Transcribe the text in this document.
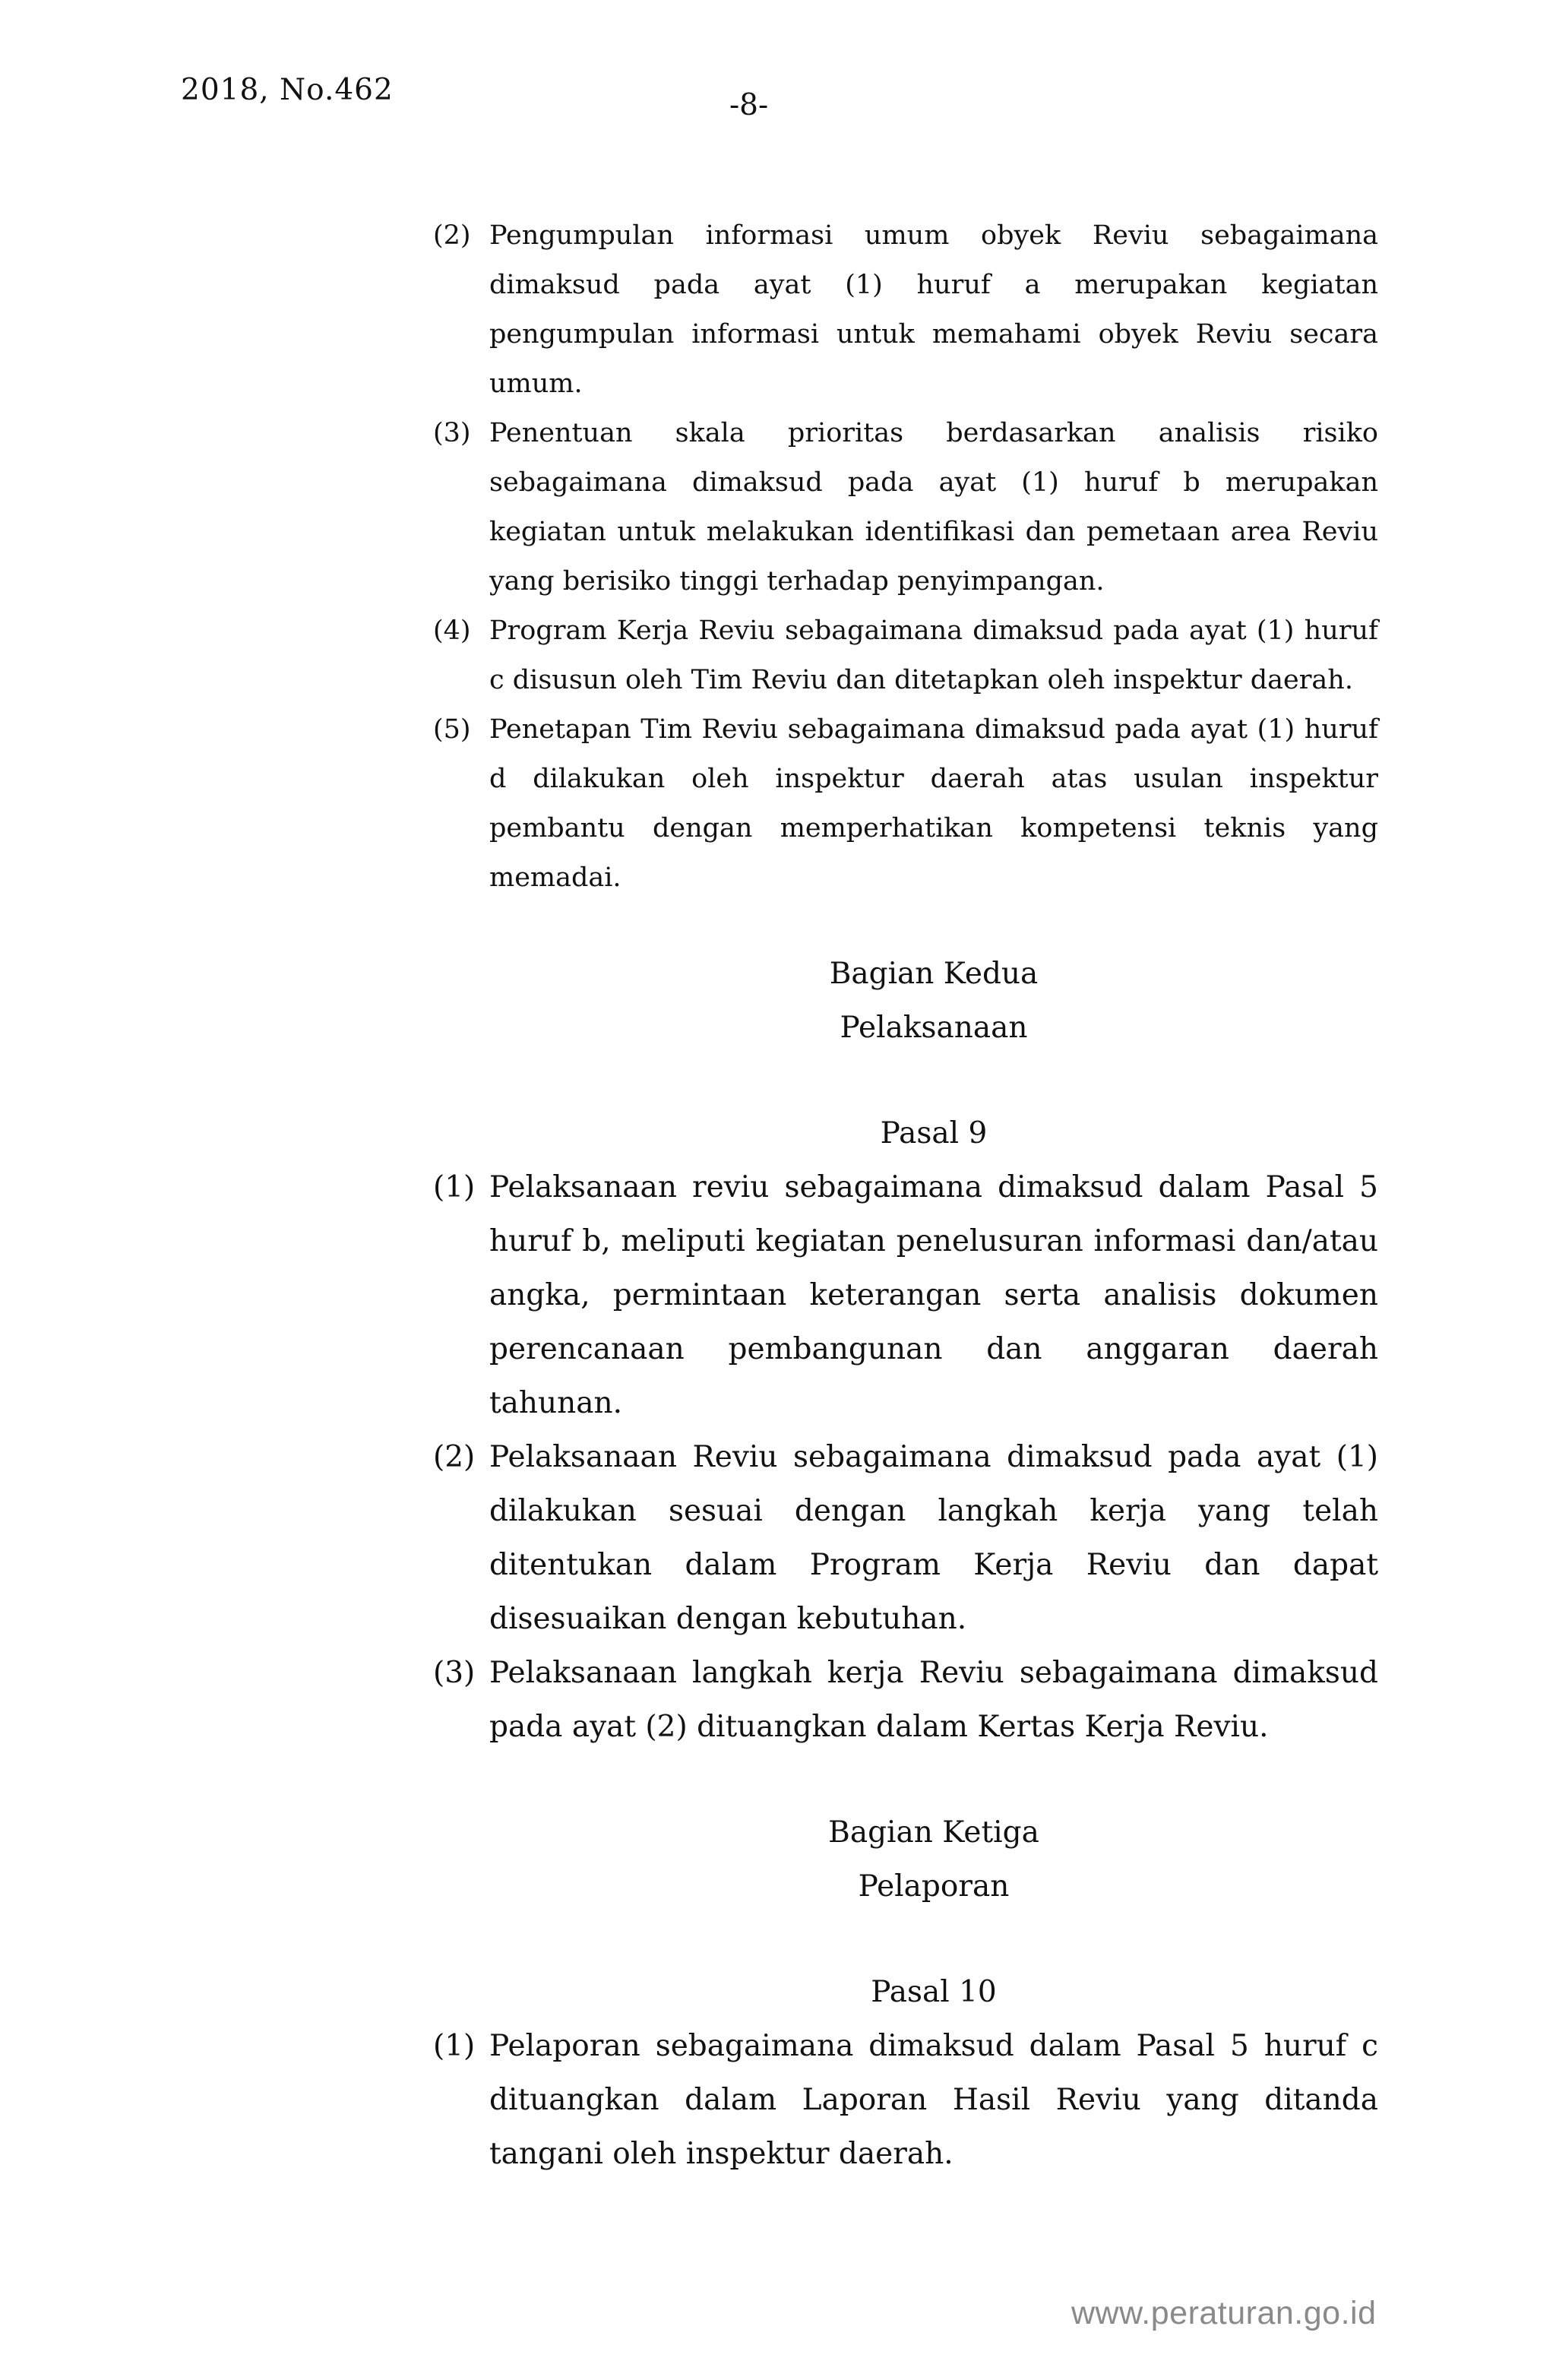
2018, No.462	-8-
(2) Pengumpulan informasi umum obyek Reviu sebagaimana dimaksud pada ayat (1) huruf a merupakan kegiatan pengumpulan informasi untuk memahami obyek Reviu secara umum.
(3) Penentuan skala prioritas berdasarkan analisis risiko sebagaimana dimaksud pada ayat (1) huruf b merupakan kegiatan untuk melakukan identifikasi dan pemetaan area Reviu yang berisiko tinggi terhadap penyimpangan.
(4) Program Kerja Reviu sebagaimana dimaksud pada ayat (1) huruf c disusun oleh Tim Reviu dan ditetapkan oleh inspektur daerah.
(5) Penetapan Tim Reviu sebagaimana dimaksud pada ayat (1) huruf d dilakukan oleh inspektur daerah atas usulan inspektur pembantu dengan memperhatikan kompetensi teknis yang memadai.

Bagian Kedua

Pelaksanaan

Pasal 9

(1) Pelaksanaan reviu sebagaimana dimaksud dalam Pasal 5 huruf b, meliputi kegiatan penelusuran informasi dan/atau angka, permintaan keterangan serta analisis dokumen perencanaan pembangunan dan anggaran daerah tahunan.
(2) Pelaksanaan Reviu sebagaimana dimaksud pada ayat (1) dilakukan sesuai dengan langkah kerja yang telah ditentukan dalam Program Kerja Reviu dan dapat disesuaikan dengan kebutuhan.
(3) Pelaksanaan langkah kerja Reviu sebagaimana dimaksud pada ayat (2) dituangkan dalam Kertas Kerja Reviu.

Bagian Ketiga

Pelaporan

Pasal 10

(1) Pelaporan sebagaimana dimaksud dalam Pasal 5 huruf c dituangkan dalam Laporan Hasil Reviu yang ditanda tangani oleh inspektur daerah.
www.peraturan.go.id
